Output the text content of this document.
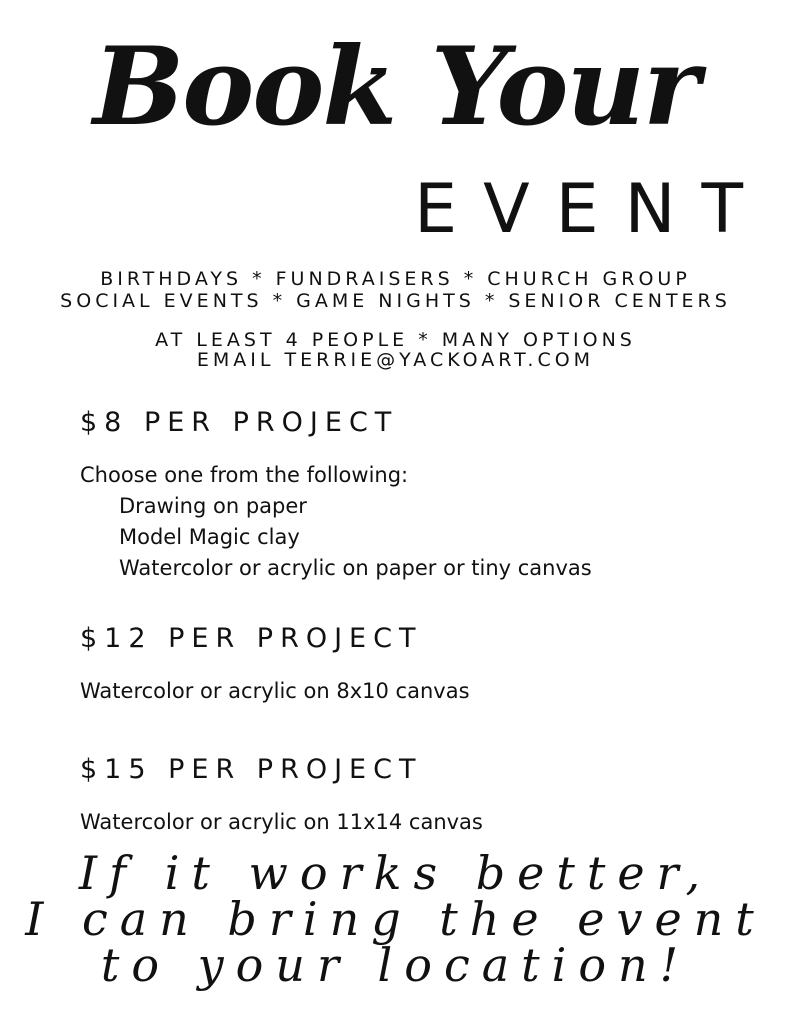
Book Your
EVENT
BIRTHDAYS * FUNDRAISERS * CHURCH GROUP
SOCIAL EVENTS * GAME NIGHTS * SENIOR CENTERS
AT LEAST 4 PEOPLE * MANY OPTIONS
EMAIL TERRIE@YACKOART.COM
$8 PER PROJECT
Choose one from the following:
Drawing on paper
Model Magic clay
Watercolor or acrylic on paper or tiny canvas
$12 PER PROJECT
Watercolor or acrylic on 8x10 canvas
$15 PER PROJECT
Watercolor or acrylic on 11x14 canvas
If it works better,
I can bring the event
to your location!
